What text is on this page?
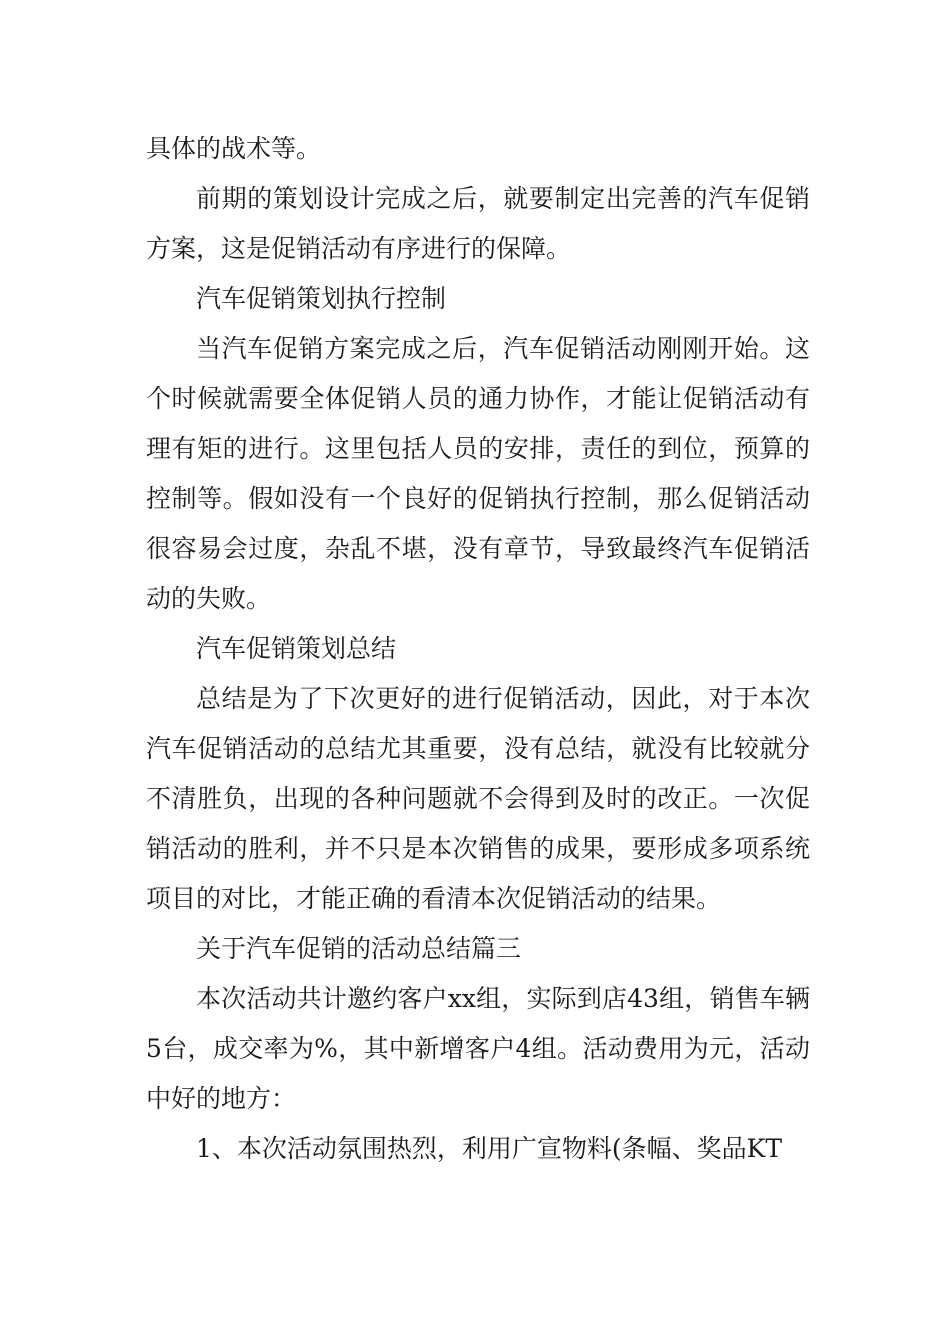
具体的战术等。

前期的策划设计完成之后，就要制定出完善的汽车促销方案，这是促销活动有序进行的保障。

汽车促销策划执行控制

当汽车促销方案完成之后，汽车促销活动刚刚开始。这个时候就需要全体促销人员的通力协作，才能让促销活动有理有矩的进行。这里包括人员的安排，责任的到位，预算的控制等。假如没有一个良好的促销执行控制，那么促销活动很容易会过度，杂乱不堪，没有章节，导致最终汽车促销活动的失败。

汽车促销策划总结

总结是为了下次更好的进行促销活动，因此，对于本次汽车促销活动的总结尤其重要，没有总结，就没有比较就分不清胜负，出现的各种问题就不会得到及时的改正。一次促销活动的胜利，并不只是本次销售的成果，要形成多项系统项目的对比，才能正确的看清本次促销活动的结果。

关于汽车促销的活动总结篇三

本次活动共计邀约客户xx组，实际到店43组，销售车辆5台，成交率为%，其中新增客户4组。活动费用为元，活动中好的地方：

1、本次活动氛围热烈，利用广宣物料(条幅、奖品KT
